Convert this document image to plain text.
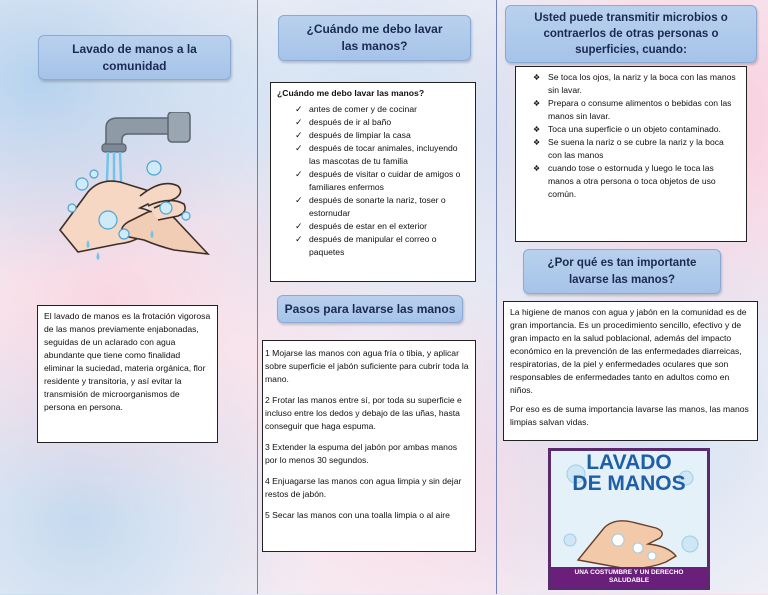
Lavado de manos a la comunidad

El lavado de manos es la frotación vigorosa de las manos previamente enjabonadas, seguidas de un aclarado con agua abundante que tiene como finalidad eliminar la suciedad, materia orgánica, flor residente y transitoria, y así evitar la transmisión de microorganismos de persona en persona.

¿Cuándo me debo lavar las manos?

¿Cuándo me debo lavar las manos?

✓ antes de comer y de cocinar
✓ después de ir al baño
✓ después de limpiar la casa
✓ después de tocar animales, incluyendo las mascotas de tu familia
✓ después de visitar o cuidar de amigos o familiares enfermos
✓ después de sonarte la nariz, toser o estornudar
✓ después de estar en el exterior
✓ después de manipular el correo o paquetes
Pasos para lavarse las manos
1 Mojarse las manos con agua fría o tibia, y aplicar sobre superficie el jabón suficiente para cubrir toda la mano.
2 Frotar las manos entre sí, por toda su superficie e incluso entre los dedos y debajo de las uñas, hasta conseguir que haga espuma.
3 Extender la espuma del jabón por ambas manos por lo menos 30 segundos.
4 Enjuagarse las manos con agua limpia y sin dejar restos de jabón.
5 Secar las manos con una toalla limpia o al aire
Usted puede transmitir microbios o contraerlos de otras personas o superficies, cuando:
❖ Se toca los ojos, la nariz y la boca con las manos sin lavar.
❖ Prepara o consume alimentos o bebidas con las manos sin lavar.
❖ Toca una superficie o un objeto contaminado.
❖ Se suena la nariz o se cubre la nariz y la boca con las manos
❖ cuando tose o estornuda y luego le toca las manos a otra persona o toca objetos de uso común.
¿Por qué es tan importante lavarse las manos?

La higiene de manos con agua y jabón en la comunidad es de gran importancia. Es un procedimiento sencillo, efectivo y de gran impacto en la salud poblacional, además del impacto económico en la prevención de las enfermedades diarreicas, respiratorias, de la piel y enfermedades oculares que son responsables de enfermedades tanto en adultos como en niños.

Por eso es de suma importancia lavarse las manos, las manos limpias salvan vidas.

LAVADO
DE MANOS
UNA COSTUMBRE Y UN DERECHO
SALUDABLE
